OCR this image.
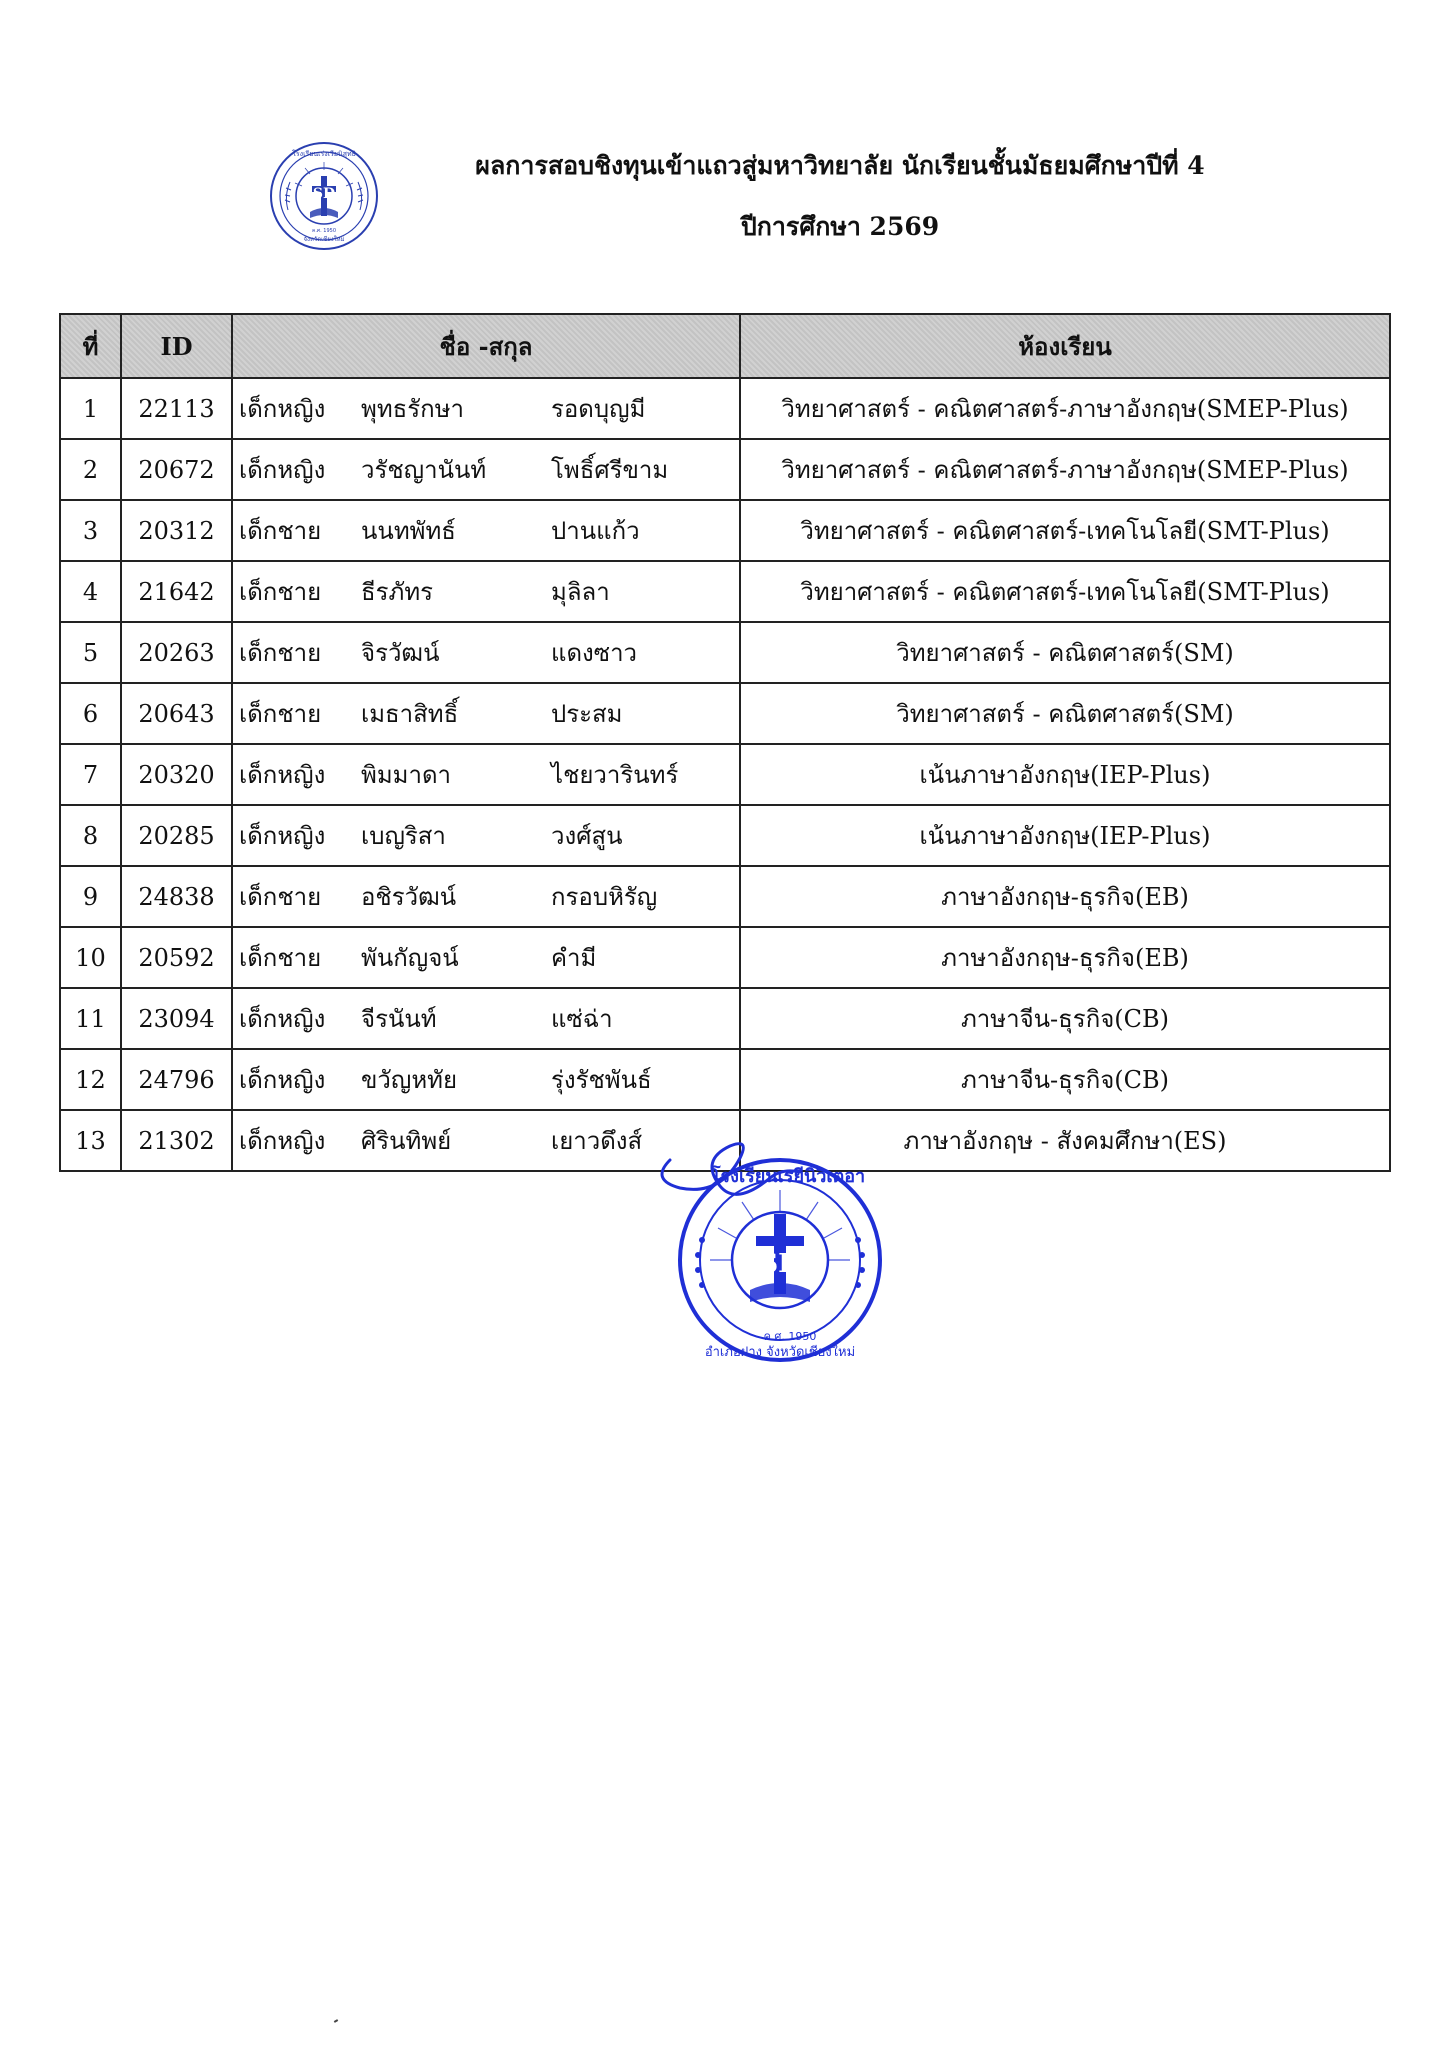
SD
โรงเรียนเร่งเรียนิสุทธิ
ค.ศ. 1950
จังหวัดเชียงใหม่
ผลการสอบชิงทุนเข้าแถวสู่มหาวิทยาลัย นักเรียนชั้นมัธยมศึกษาปีที่ 4
ปีการศึกษา 2569
ที่	ID	ชื่อ -สกุล	ห้องเรียน
1	22113	เด็กหญิง พุทธรักษา รอดบุญมี	วิทยาศาสตร์ - คณิตศาสตร์-ภาษาอังกฤษ(SMEP-Plus)
2	20672	เด็กหญิง วรัชญานันท์ โพธิ์ศรีขาม	วิทยาศาสตร์ - คณิตศาสตร์-ภาษาอังกฤษ(SMEP-Plus)
3	20312	เด็กชาย นนทพัทธ์ ปานแก้ว	วิทยาศาสตร์ - คณิตศาสตร์-เทคโนโลยี(SMT-Plus)
4	21642	เด็กชาย ธีรภัทร มุลิลา	วิทยาศาสตร์ - คณิตศาสตร์-เทคโนโลยี(SMT-Plus)
5	20263	เด็กชาย จิรวัฒน์ แดงซาว	วิทยาศาสตร์ - คณิตศาสตร์(SM)
6	20643	เด็กชาย เมธาสิทธิ์ ประสม	วิทยาศาสตร์ - คณิตศาสตร์(SM)
7	20320	เด็กหญิง พิมมาดา ไชยวารินทร์	เน้นภาษาอังกฤษ(IEP-Plus)
8	20285	เด็กหญิง เบญริสา วงศ์สูน	เน้นภาษาอังกฤษ(IEP-Plus)
9	24838	เด็กชาย อชิรวัฒน์ กรอบหิรัญ	ภาษาอังกฤษ-ธุรกิจ(EB)
10	20592	เด็กชาย พันกัญจน์ คำมี	ภาษาอังกฤษ-ธุรกิจ(EB)
11	23094	เด็กหญิง จีรนันท์ แซ่ฉ่า	ภาษาจีน-ธุรกิจ(CB)
12	24796	เด็กหญิง ขวัญหทัย รุ่งรัชพันธ์	ภาษาจีน-ธุรกิจ(CB)
13	21302	เด็กหญิง ศิรินทิพย์ เยาวดึงส์	ภาษาอังกฤษ - สังคมศึกษา(ES)
SD
โรงเรียนเรยีนิวิเตอา
ค.ศ. 1950
อำเภอฝาง จังหวัดเชียงใหม่
